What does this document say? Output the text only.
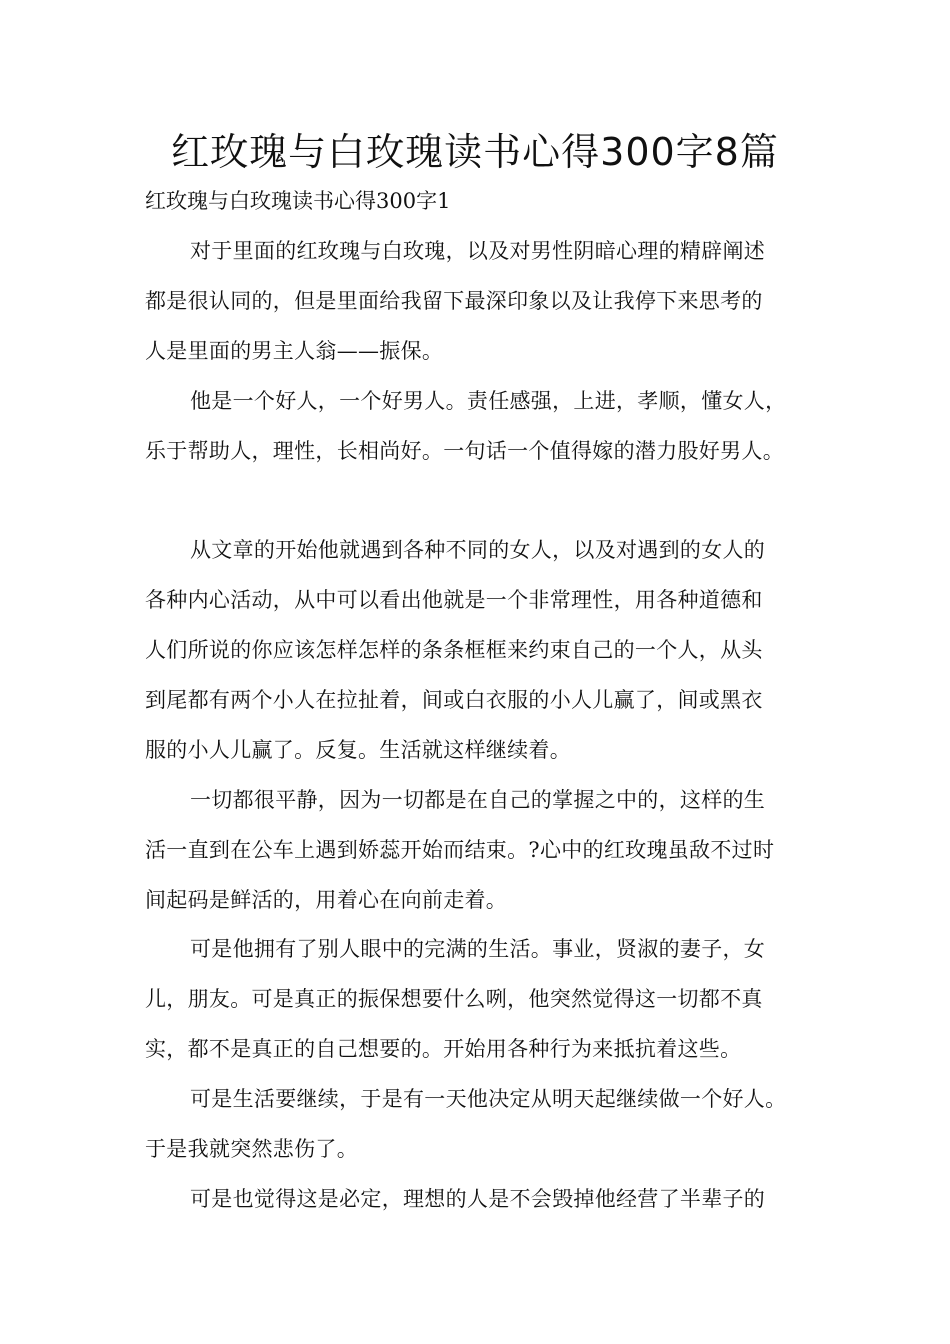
红玫瑰与白玫瑰读书心得300字8篇

红玫瑰与白玫瑰读书心得300字1

对于里面的红玫瑰与白玫瑰，以及对男性阴暗心理的精辟阐述

都是很认同的，但是里面给我留下最深印象以及让我停下来思考的

人是里面的男主人翁——振保。

他是一个好人，一个好男人。责任感强，上进，孝顺，懂女人，

乐于帮助人，理性，长相尚好。一句话一个值得嫁的潜力股好男人。

从文章的开始他就遇到各种不同的女人，以及对遇到的女人的

各种内心活动，从中可以看出他就是一个非常理性，用各种道德和

人们所说的你应该怎样怎样的条条框框来约束自己的一个人，从头

到尾都有两个小人在拉扯着，间或白衣服的小人儿赢了，间或黑衣

服的小人儿赢了。反复。生活就这样继续着。

一切都很平静，因为一切都是在自己的掌握之中的，这样的生

活一直到在公车上遇到娇蕊开始而结束。?心中的红玫瑰虽敌不过时

间起码是鲜活的，用着心在向前走着。

可是他拥有了别人眼中的完满的生活。事业，贤淑的妻子，女

儿，朋友。可是真正的振保想要什么咧，他突然觉得这一切都不真

实，都不是真正的自己想要的。开始用各种行为来抵抗着这些。

可是生活要继续，于是有一天他决定从明天起继续做一个好人。

于是我就突然悲伤了。

可是也觉得这是必定，理想的人是不会毁掉他经营了半辈子的
